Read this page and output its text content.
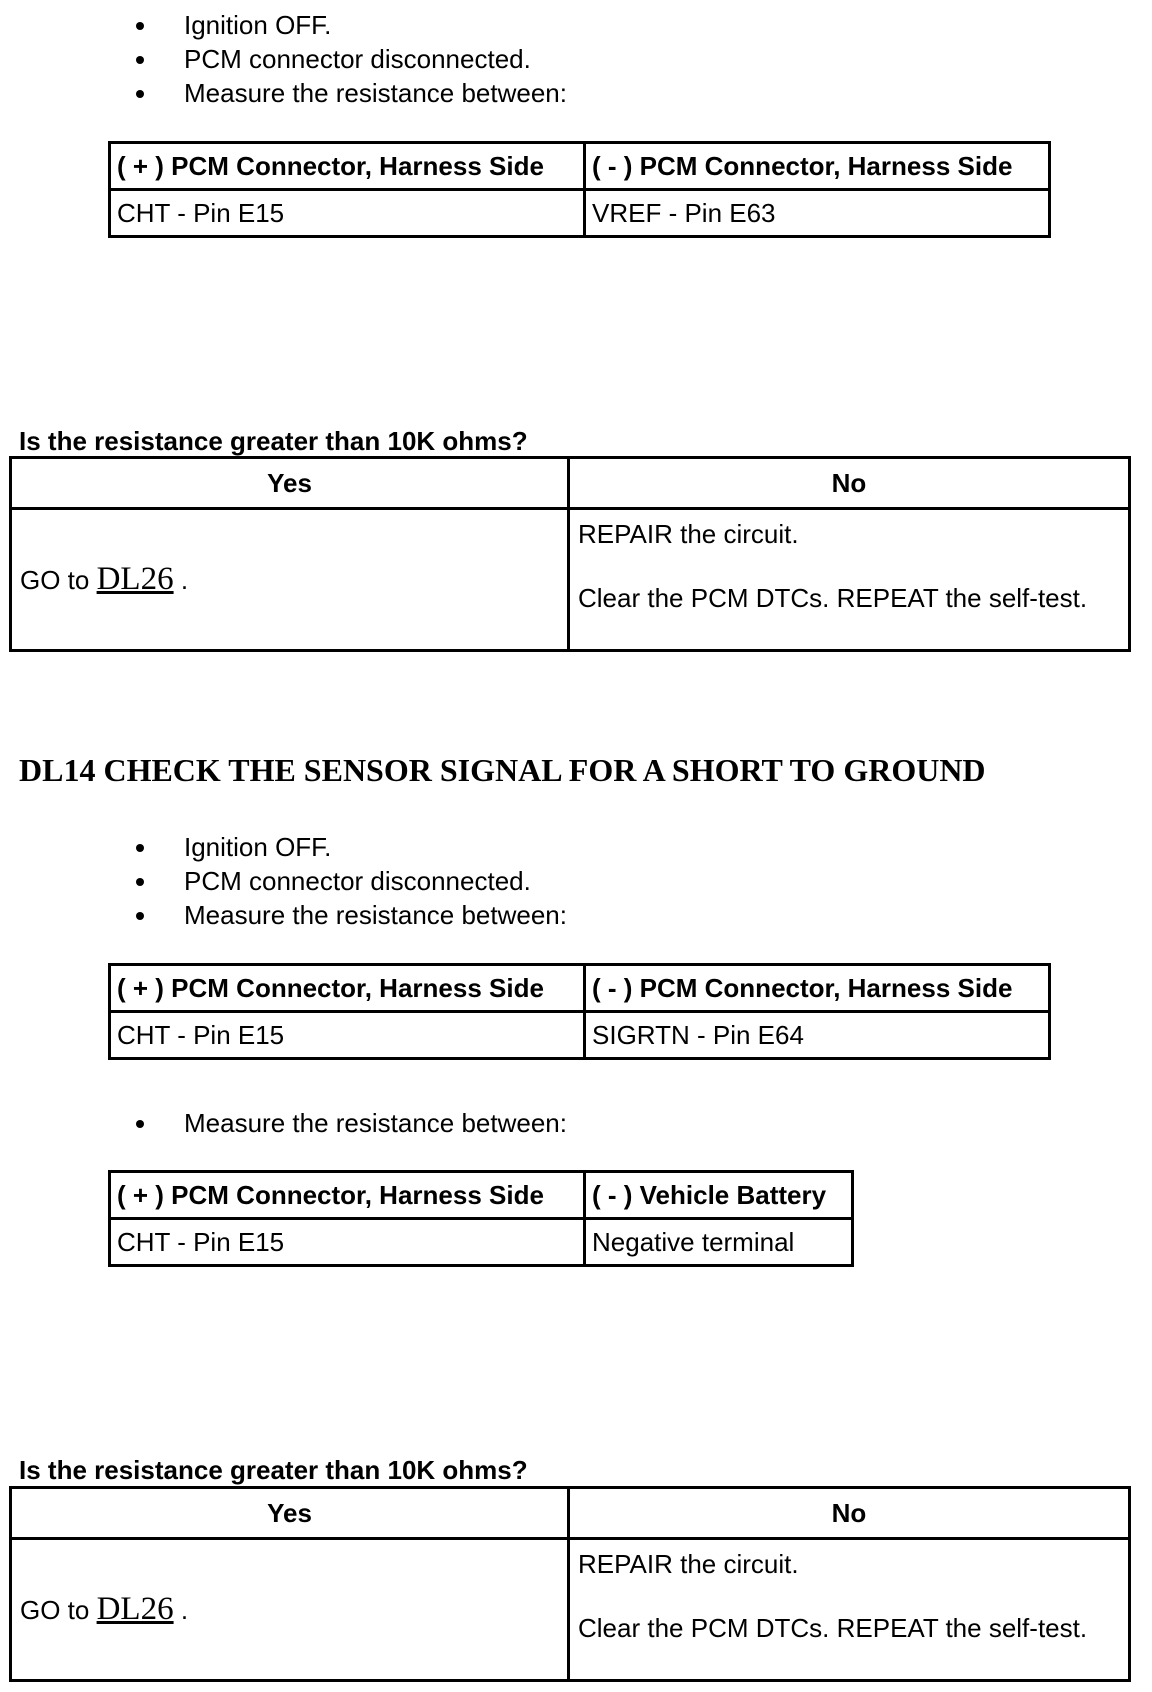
Ignition OFF.
PCM connector disconnected.
Measure the resistance between:
( + ) PCM Connector, Harness Side	( - ) PCM Connector, Harness Side
CHT - Pin E15	VREF - Pin E63
Is the resistance greater than 10K ohms?
Yes	No
GO to DL26 .	REPAIR the circuit.

Clear the PCM DTCs. REPEAT the self-test.

DL14 CHECK THE SENSOR SIGNAL FOR A SHORT TO GROUND
Ignition OFF.
PCM connector disconnected.
Measure the resistance between:
( + ) PCM Connector, Harness Side	( - ) PCM Connector, Harness Side
CHT - Pin E15	SIGRTN - Pin E64
Measure the resistance between:
( + ) PCM Connector, Harness Side	( - ) Vehicle Battery
CHT - Pin E15	Negative terminal
Is the resistance greater than 10K ohms?
Yes	No
GO to DL26 .	REPAIR the circuit.

Clear the PCM DTCs. REPEAT the self-test.
